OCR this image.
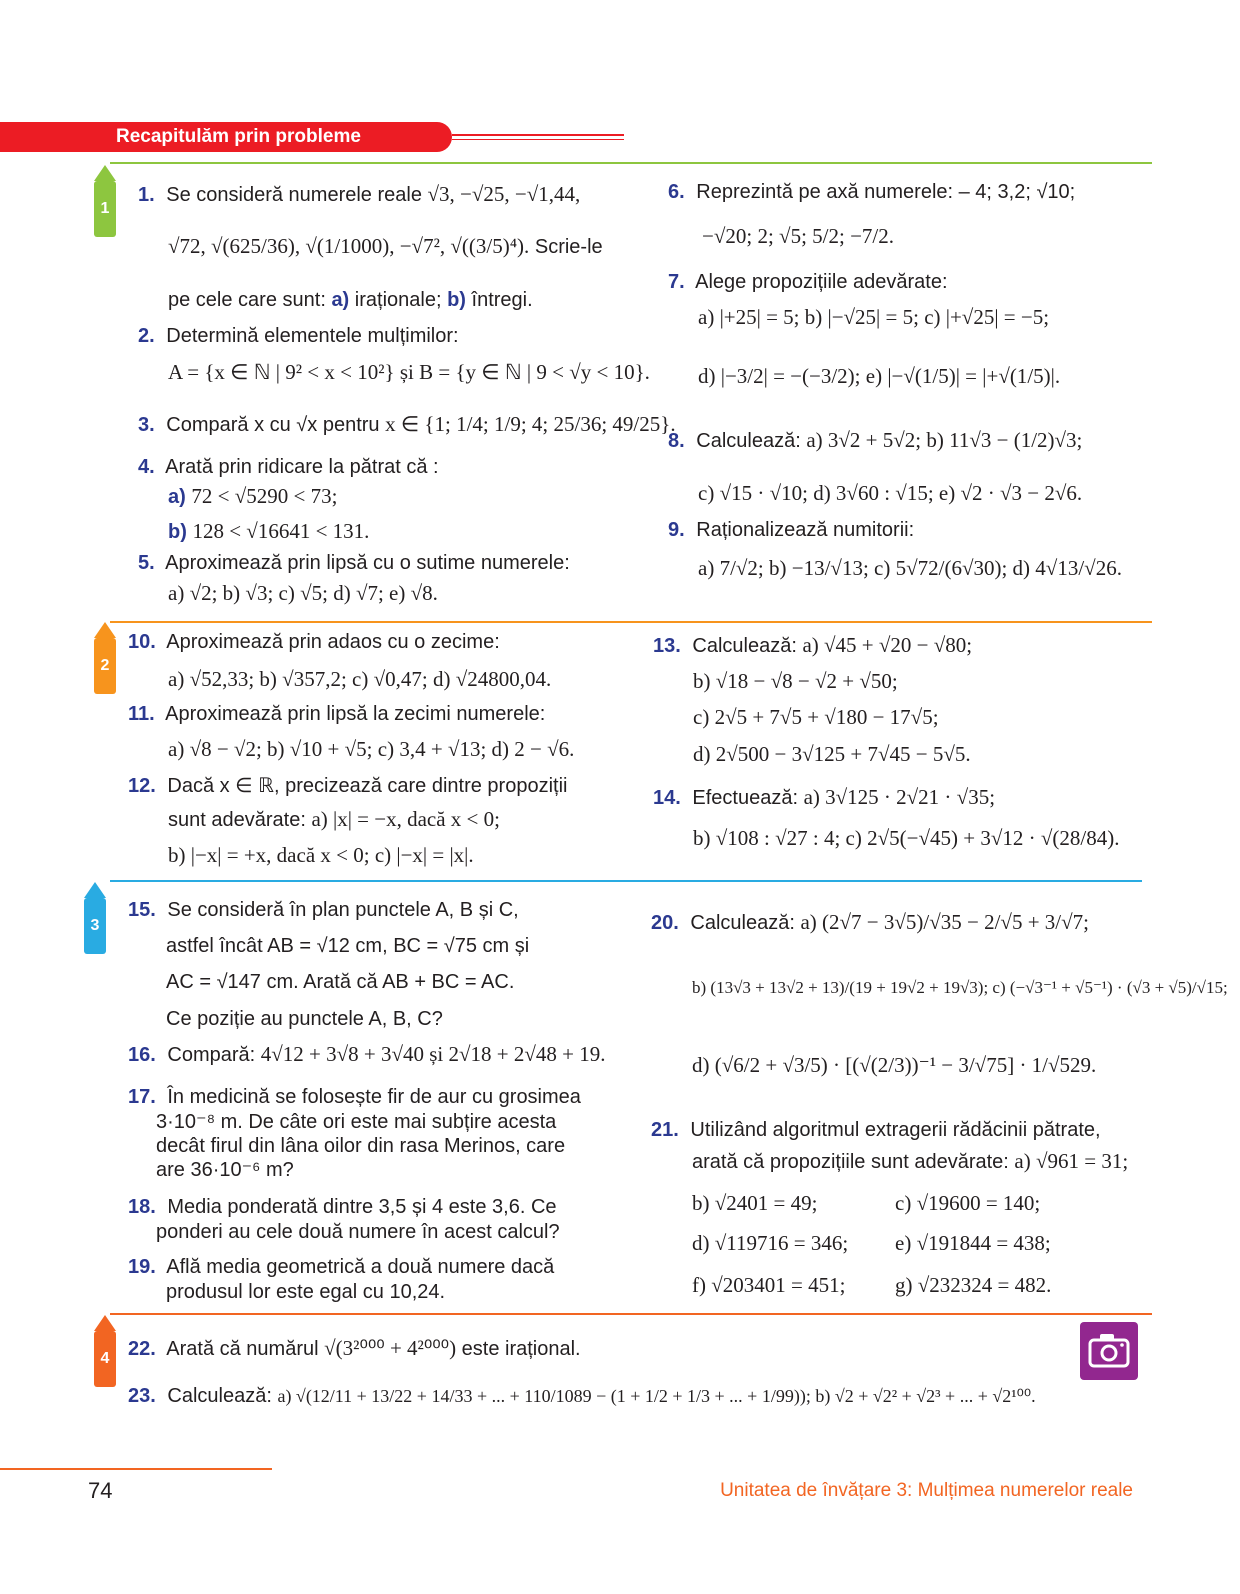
Recapitulăm prin probleme
1
2
3
4
1. Se consideră numerele reale √3, −√25, −√1,44,
√72, √(625/36), √(1/1000), −√7², √((3/5)⁴). Scrie-le
pe cele care sunt: a) iraționale; b) întregi.
2. Determină elementele mulțimilor:
A = {x ∈ ℕ | 9² < x < 10²} și B = {y ∈ ℕ | 9 < √y < 10}.
3. Compară x cu √x pentru x ∈ {1; 1/4; 1/9; 4; 25/36; 49/25}.
4. Arată prin ridicare la pătrat că :
a) 72 < √5290 < 73;
b) 128 < √16641 < 131.
5. Aproximează prin lipsă cu o sutime numerele:
a) √2; b) √3; c) √5; d) √7; e) √8.
6. Reprezintă pe axă numerele: – 4; 3,2; √10;
−√20; 2; √5; 5/2; −7/2.
7. Alege propozițiile adevărate:
a) |+25| = 5; b) |−√25| = 5; c) |+√25| = −5;
d) |−3/2| = −(−3/2); e) |−√(1/5)| = |+√(1/5)|.
8. Calculează: a) 3√2 + 5√2; b) 11√3 − (1/2)√3;
c) √15 · √10; d) 3√60 : √15; e) √2 · √3 − 2√6.
9. Raționalizează numitorii:
a) 7/√2; b) −13/√13; c) 5√72/(6√30); d) 4√13/√26.
10. Aproximează prin adaos cu o zecime:
a) √52,33; b) √357,2; c) √0,47; d) √24800,04.
11. Aproximează prin lipsă la zecimi numerele:
a) √8 − √2; b) √10 + √5; c) 3,4 + √13; d) 2 − √6.
12. Dacă x ∈ ℝ, precizează care dintre propoziții
sunt adevărate: a) |x| = −x, dacă x < 0;
b) |−x| = +x, dacă x < 0; c) |−x| = |x|.
13. Calculează: a) √45 + √20 − √80;
b) √18 − √8 − √2 + √50;
c) 2√5 + 7√5 + √180 − 17√5;
d) 2√500 − 3√125 + 7√45 − 5√5.
14. Efectuează: a) 3√125 · 2√21 · √35;
b) √108 : √27 : 4; c) 2√5(−√45) + 3√12 · √(28/84).
15. Se consideră în plan punctele A, B și C,
astfel încât AB = √12 cm, BC = √75 cm și
AC = √147 cm. Arată că AB + BC = AC.
Ce poziție au punctele A, B, C?
16. Compară: 4√12 + 3√8 + 3√40 și 2√18 + 2√48 + 19.
17. În medicină se folosește fir de aur cu grosimea
3·10⁻⁸ m. De câte ori este mai subțire acesta
decât firul din lâna oilor din rasa Merinos, care
are 36·10⁻⁶ m?
18. Media ponderată dintre 3,5 și 4 este 3,6. Ce
ponderi au cele două numere în acest calcul?
19. Află media geometrică a două numere dacă
produsul lor este egal cu 10,24.
20. Calculează: a) (2√7 − 3√5)/√35 − 2/√5 + 3/√7;
b) (13√3 + 13√2 + 13)/(19 + 19√2 + 19√3); c) (−√3⁻¹ + √5⁻¹) · (√3 + √5)/√15;
d) (√6/2 + √3/5) · [(√(2/3))⁻¹ − 3/√75] · 1/√529.
21. Utilizând algoritmul extragerii rădăcinii pătrate,
arată că propozițiile sunt adevărate: a) √961 = 31;
b) √2401 = 49;	c) √19600 = 140;
d) √119716 = 346; e) √191844 = 438;
f) √203401 = 451; g) √232324 = 482.
22. Arată că numărul √(3²⁰⁰⁰ + 4²⁰⁰⁰) este irațional.
23. Calculează: a) √(12/11 + 13/22 + 14/33 + ... + 110/1089 − (1 + 1/2 + 1/3 + ... + 1/99)); b) √2 + √2² + √2³ + ... + √2¹⁰⁰.
74	Unitatea de învățare 3: Mulțimea numerelor reale
